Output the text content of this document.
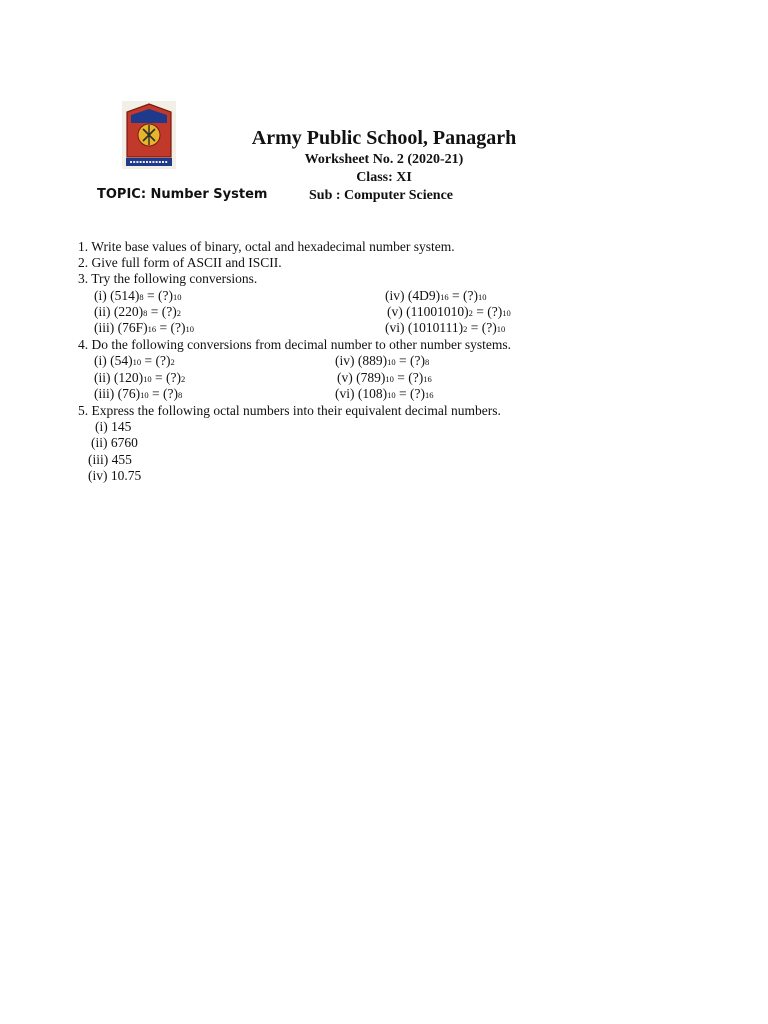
Army Public School, Panagarh
Worksheet No. 2 (2020-21)
Class: XI
TOPIC: Number System	Sub : Computer Science
1. Write base values of binary, octal and hexadecimal number system.
2. Give full form of ASCII and ISCII.
3. Try the following conversions.
(i) (514)8 = (?)10	(iv) (4D9)16 = (?)10
(ii) (220)8 = (?)2	(v) (11001010)2 = (?)10
(iii) (76F)16 = (?)10	(vi) (1010111)2 = (?)10
4. Do the following conversions from decimal number to other number systems.
(i) (54)10 = (?)2	(iv) (889)10 = (?)8
(ii) (120)10 = (?)2	(v) (789)10 = (?)16
(iii) (76)10 = (?)8	(vi) (108)10 = (?)16
5. Express the following octal numbers into their equivalent decimal numbers.
(i) 145
(ii) 6760
(iii) 455
(iv) 10.75
